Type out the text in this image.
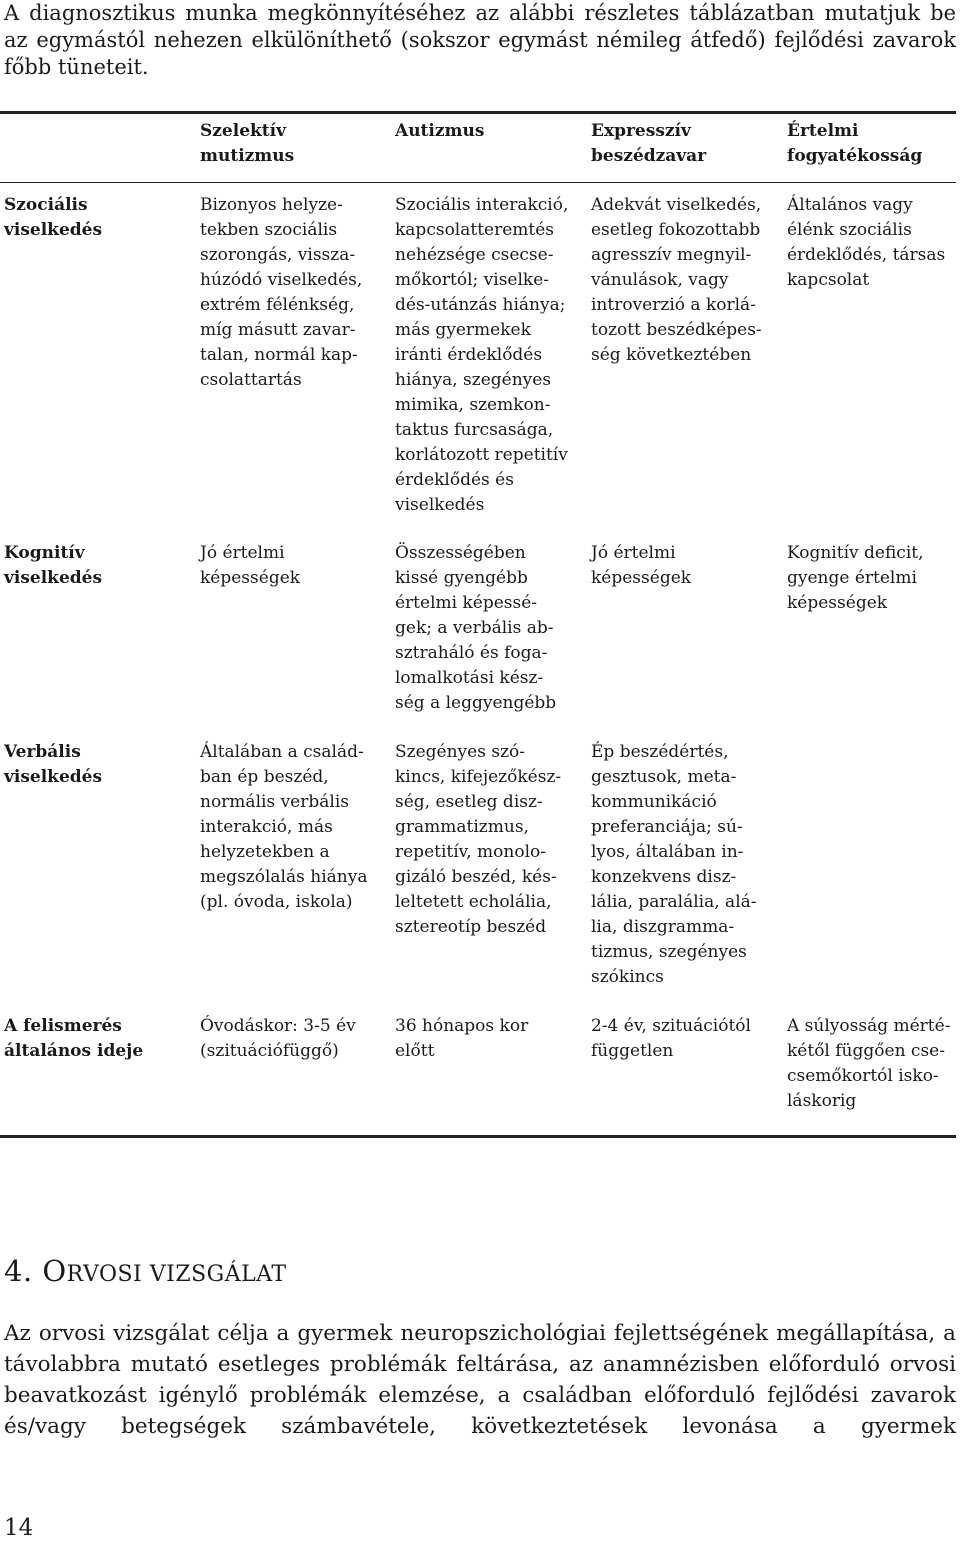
A diagnosztikus munka megkönnyítéséhez az alábbi részletes táblázatban mutatjuk be az egymástól nehezen elkülöníthető (sokszor egymást némileg átfedő) fejlődési zavarok főbb tüneteit.

Szelektív
mutizmus
Autizmus	Expresszív
beszédzavar
Értelmi
fogyatékosság
Szociális
viselkedés
Bizonyos helyze-
tekben szociális
szorongás, vissza-
húzódó viselkedés,
extrém félénkség,
míg másutt zavar-
talan, normál kap-
csolattartás
Szociális interakció,
kapcsolatteremtés
nehézsége csecse-
mőkortól; viselke-
dés-utánzás hiánya;
más gyermekek
iránti érdeklődés
hiánya, szegényes
mimika, szemkon-
taktus furcsasága,
korlátozott repetitív
érdeklődés és
viselkedés
Adekvát viselkedés,
esetleg fokozottabb
agresszív megnyil-
vánulások, vagy
introverzió a korlá-
tozott beszédképes-
ség következtében
Általános vagy
élénk szociális
érdeklődés, társas
kapcsolat
Kognitív
viselkedés
Jó értelmi
képességek
Összességében
kissé gyengébb
értelmi képessé-
gek; a verbális ab-
sztraháló és foga-
lomalkotási kész-
ség a leggyengébb
Jó értelmi
képességek
Kognitív deficit,
gyenge értelmi
képességek
Verbális
viselkedés
Általában a család-
ban ép beszéd,
normális verbális
interakció, más
helyzetekben a
megszólalás hiánya
(pl. óvoda, iskola)
Szegényes szó-
kincs, kifejezőkész-
ség, esetleg disz-
grammatizmus,
repetitív, monolo-
gizáló beszéd, kés-
leltetett echolália,
sztereotíp beszéd
Ép beszédértés,
gesztusok, meta-
kommunikáció
preferanciája; sú-
lyos, általában in-
konzekvens disz-
lália, paralália, alá-
lia, diszgramma-
tizmus, szegényes
szókincs
A felismerés
általános ideje
Óvodáskor: 3-5 év
(szituációfüggő)
36 hónapos kor
előtt
2-4 év, szituációtól
független
A súlyosság mérté-
kétől függően cse-
csemőkortól isko-
láskorig
4. ORVOSI VIZSGÁLAT

Az orvosi vizsgálat célja a gyermek neuropszichológiai fejlettségének megállapítása, a távolabbra mutató esetleges problémák feltárása, az anamnézisben előforduló orvosi beavatkozást igénylő problémák elemzése, a családban előforduló fejlődési zavarok és/vagy betegségek számbavétele, következtetések levonása a gyermek

14
